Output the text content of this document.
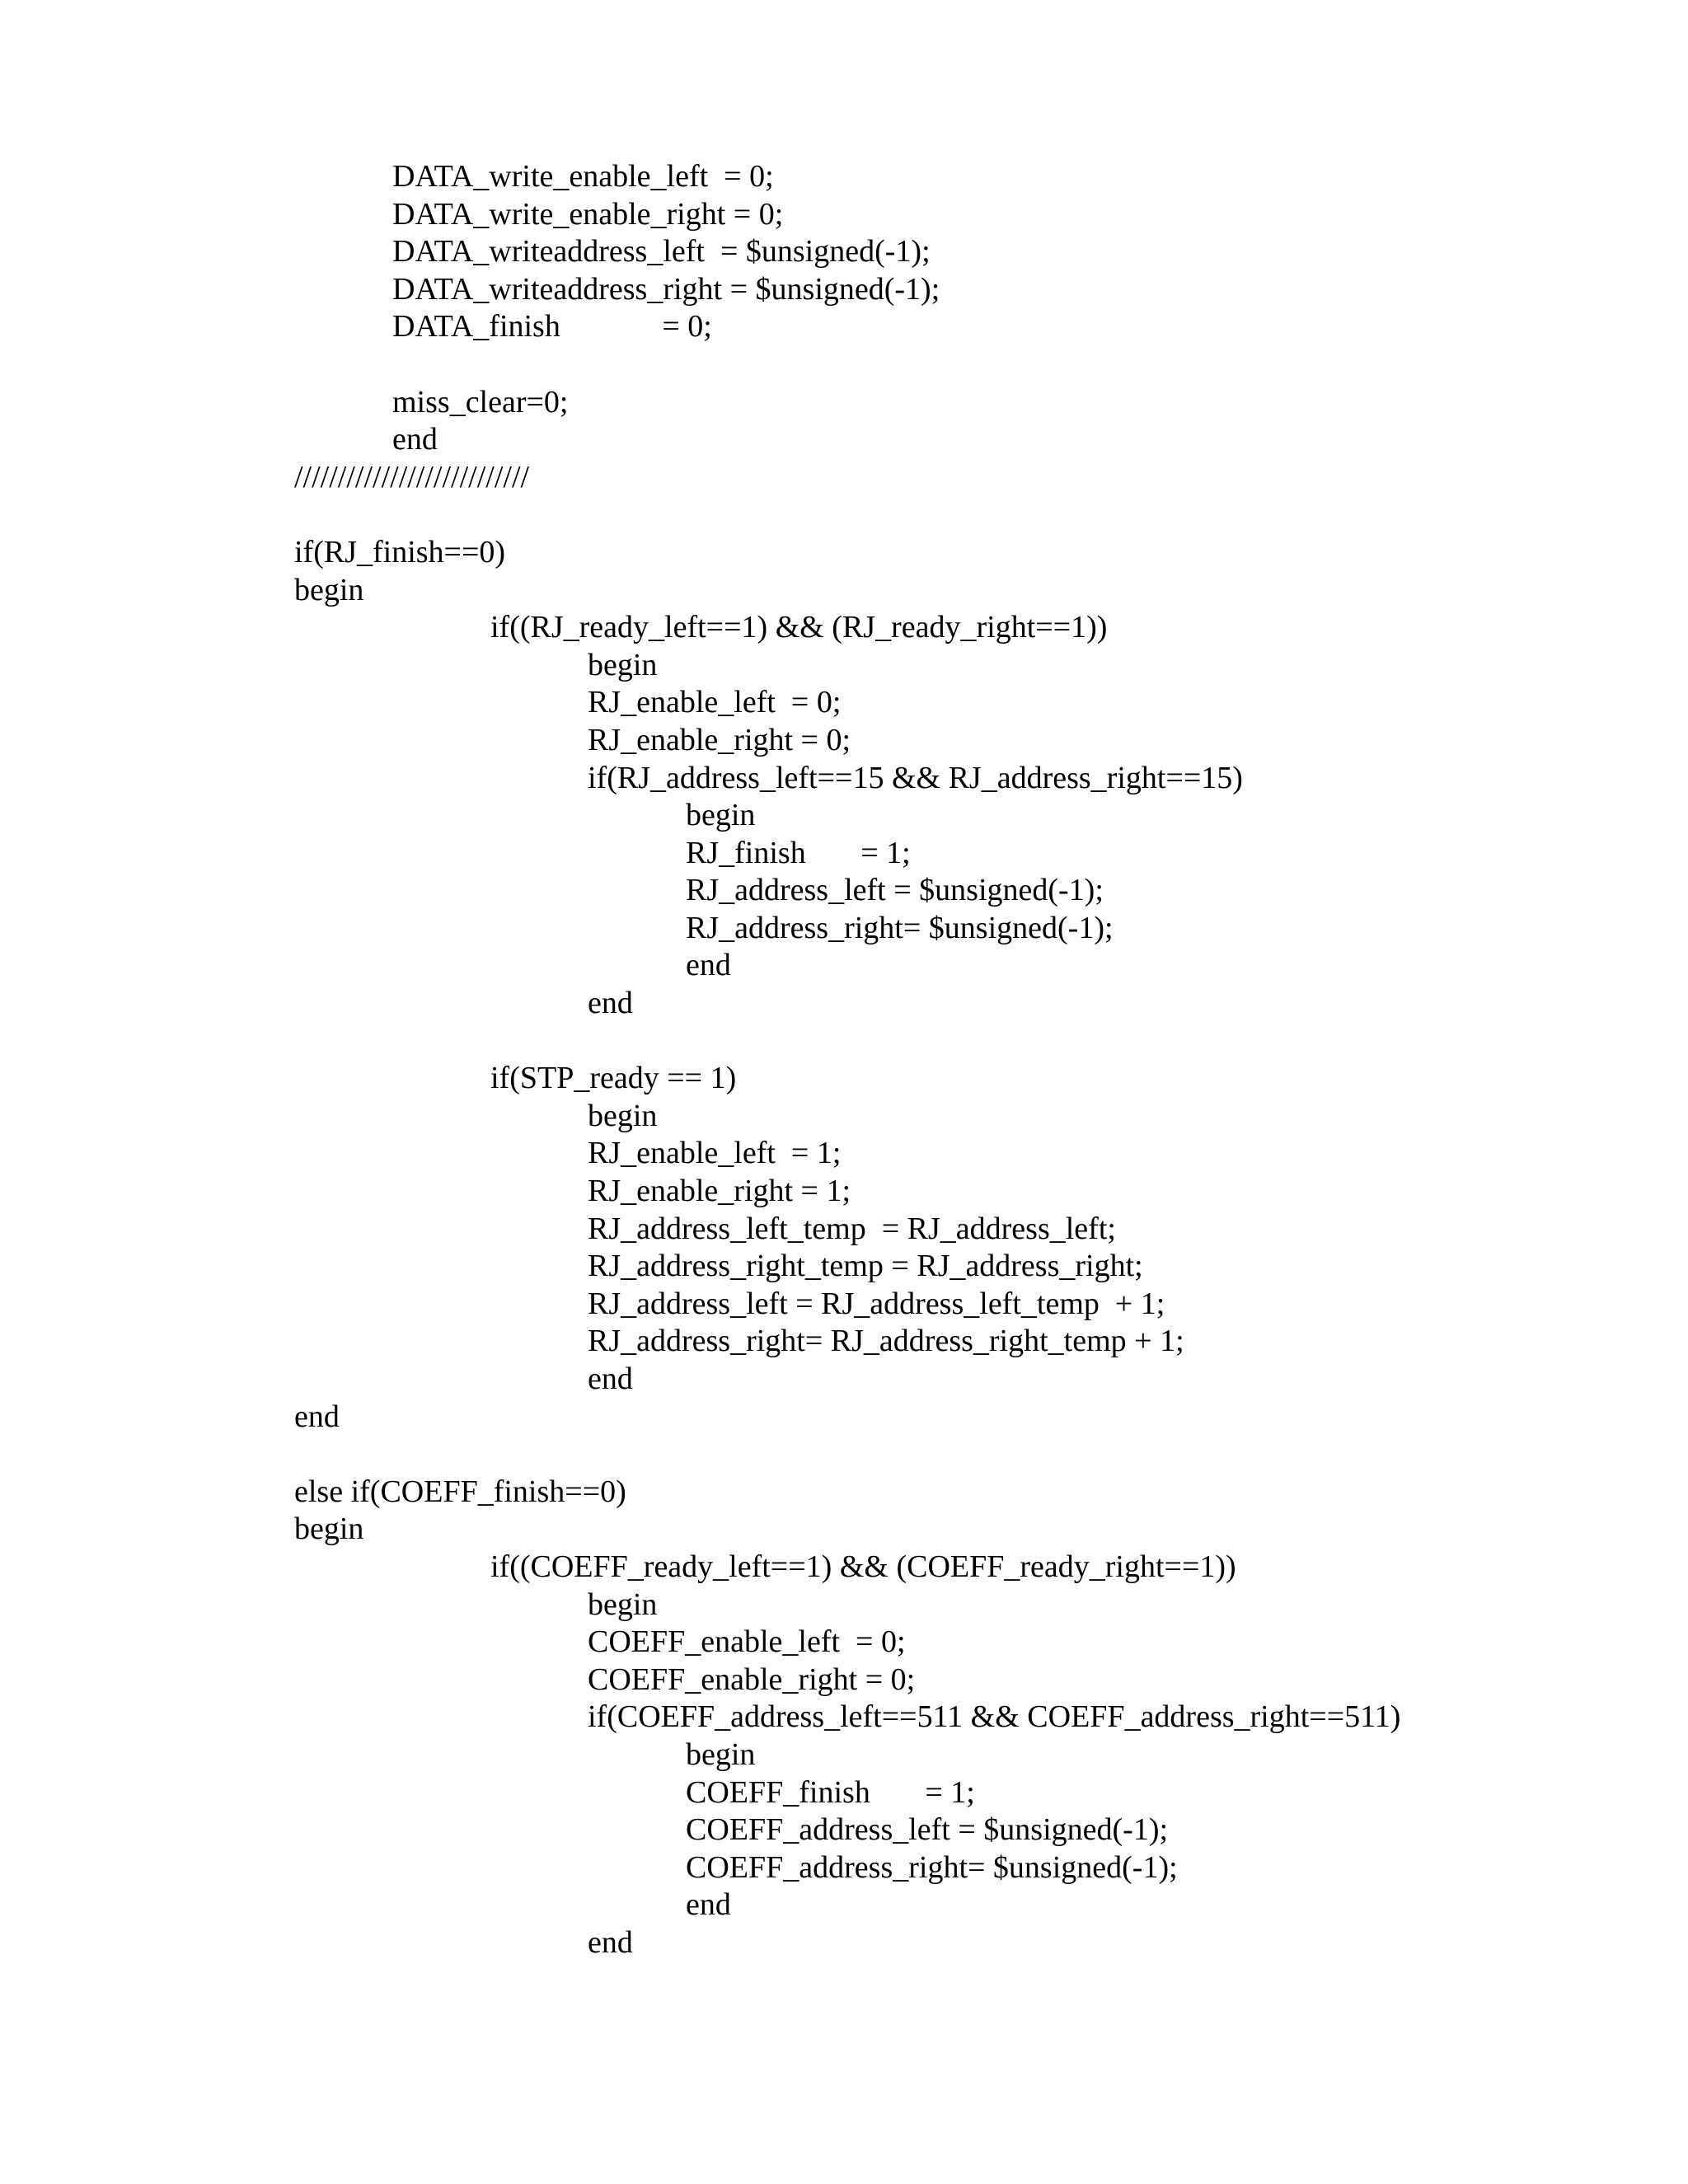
DATA_write_enable_left  = 0;
DATA_write_enable_right = 0;
DATA_writeaddress_left  = $unsigned(-1);
DATA_writeaddress_right = $unsigned(-1);
DATA_finish             = 0;
miss_clear=0;
end
///////////////////////////
if(RJ_finish==0)
begin
if((RJ_ready_left==1) && (RJ_ready_right==1))
begin
RJ_enable_left  = 0;
RJ_enable_right = 0;
if(RJ_address_left==15 && RJ_address_right==15)
begin
RJ_finish       = 1;
RJ_address_left = $unsigned(-1);
RJ_address_right= $unsigned(-1);
end
end
if(STP_ready == 1)
begin
RJ_enable_left  = 1;
RJ_enable_right = 1;
RJ_address_left_temp  = RJ_address_left;
RJ_address_right_temp = RJ_address_right;
RJ_address_left = RJ_address_left_temp  + 1;
RJ_address_right= RJ_address_right_temp + 1;
end
end
else if(COEFF_finish==0)
begin
if((COEFF_ready_left==1) && (COEFF_ready_right==1))
begin
COEFF_enable_left  = 0;
COEFF_enable_right = 0;
if(COEFF_address_left==511 && COEFF_address_right==511)
begin
COEFF_finish       = 1;
COEFF_address_left = $unsigned(-1);
COEFF_address_right= $unsigned(-1);
end
end
